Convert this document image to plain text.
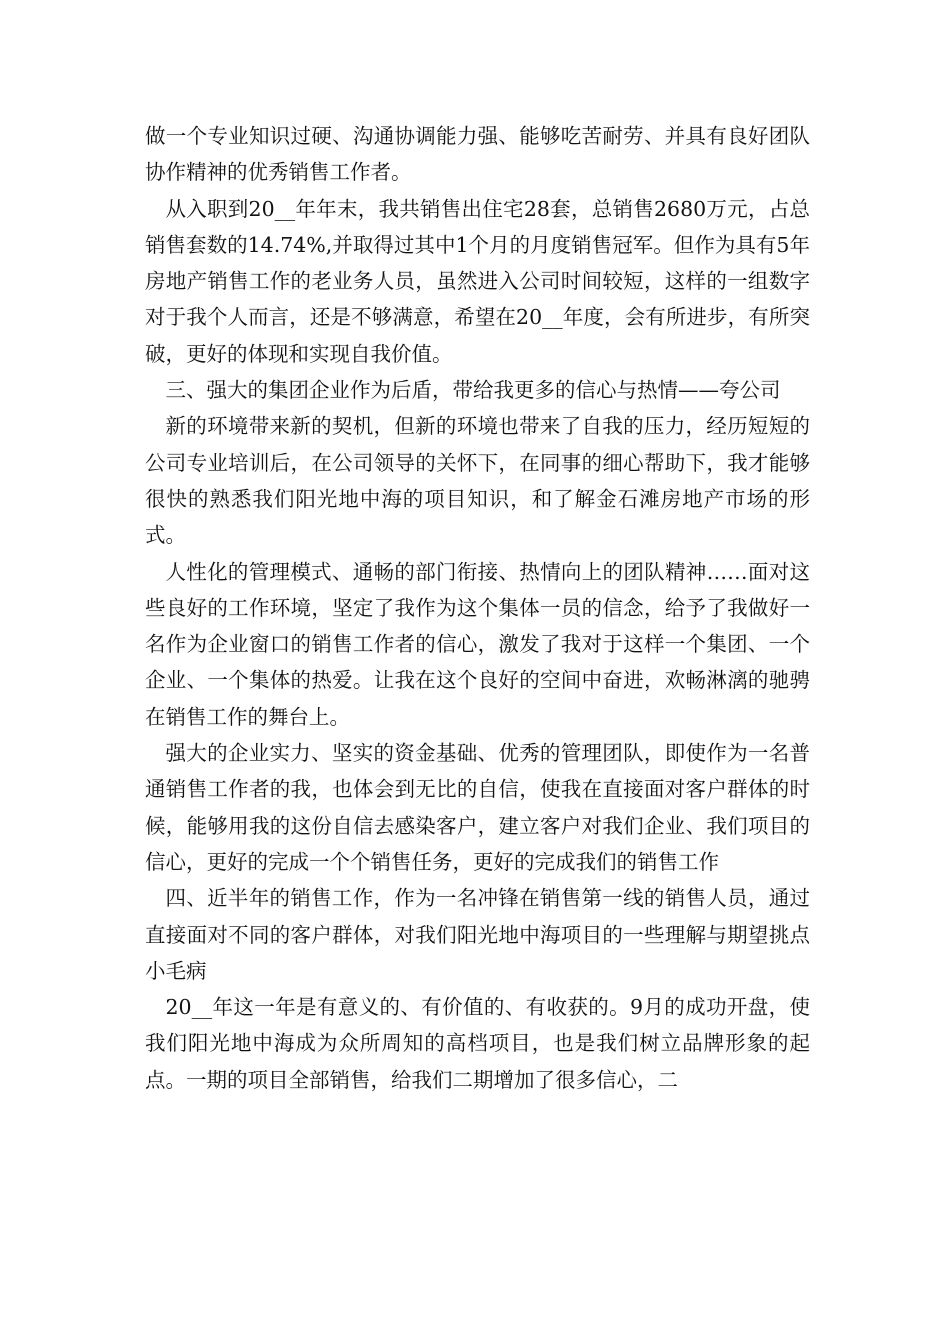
做一个专业知识过硬、沟通协调能力强、能够吃苦耐劳、并具有良好团队协作精神的优秀销售工作者。

从入职到20__年年末，我共销售出住宅28套，总销售2680万元，占总销售套数的14.74%,并取得过其中1个月的月度销售冠军。但作为具有5年房地产销售工作的老业务人员，虽然进入公司时间较短，这样的一组数字对于我个人而言，还是不够满意，希望在20__年度，会有所进步，有所突破，更好的体现和实现自我价值。

三、强大的集团企业作为后盾，带给我更多的信心与热情——夸公司

新的环境带来新的契机，但新的环境也带来了自我的压力，经历短短的公司专业培训后，在公司领导的关怀下，在同事的细心帮助下，我才能够很快的熟悉我们阳光地中海的项目知识，和了解金石滩房地产市场的形式。

人性化的管理模式、通畅的部门衔接、热情向上的团队精神……面对这些良好的工作环境，坚定了我作为这个集体一员的信念，给予了我做好一名作为企业窗口的销售工作者的信心，激发了我对于这样一个集团、一个企业、一个集体的热爱。让我在这个良好的空间中奋进，欢畅淋漓的驰骋在销售工作的舞台上。

强大的企业实力、坚实的资金基础、优秀的管理团队，即使作为一名普通销售工作者的我，也体会到无比的自信，使我在直接面对客户群体的时候，能够用我的这份自信去感染客户，建立客户对我们企业、我们项目的信心，更好的完成一个个销售任务，更好的完成我们的销售工作

四、近半年的销售工作，作为一名冲锋在销售第一线的销售人员，通过直接面对不同的客户群体，对我们阳光地中海项目的一些理解与期望挑点小毛病

20__年这一年是有意义的、有价值的、有收获的。9月的成功开盘，使我们阳光地中海成为众所周知的高档项目，也是我们树立品牌形象的起点。一期的项目全部销售，给我们二期增加了很多信心，二
